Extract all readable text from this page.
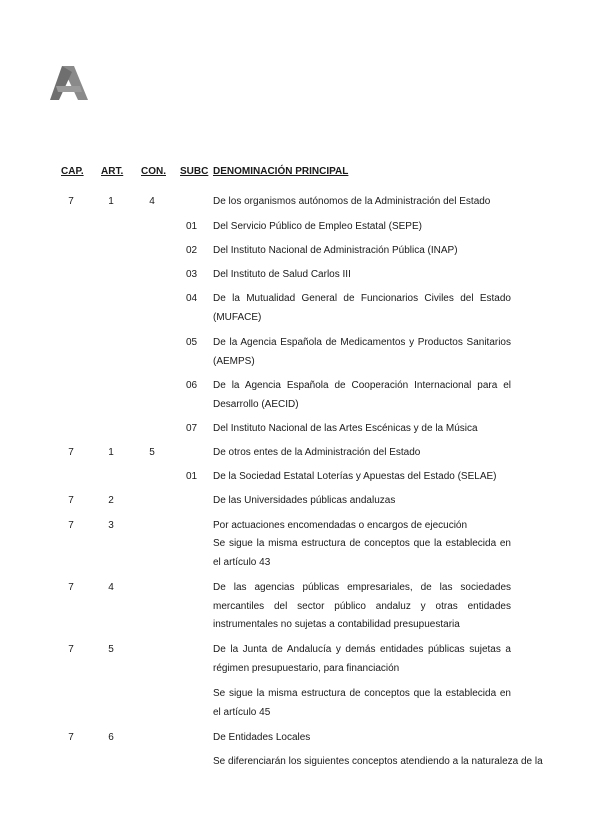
CAP. ART. CON. SUBC DENOMINACIÓN PRINCIPAL
7	1	4	De los organismos autónomos de la Administración del Estado
01 Del Servicio Público de Empleo Estatal (SEPE)
02 Del Instituto Nacional de Administración Pública (INAP)
03 Del Instituto de Salud Carlos III
04 De la Mutualidad General de Funcionarios Civiles del Estado (MUFACE)
05 De la Agencia Española de Medicamentos y Productos Sanitarios (AEMPS)
06 De la Agencia Española de Cooperación Internacional para el Desarrollo (AECID)
07 Del Instituto Nacional de las Artes Escénicas y de la Música
7	1	5	De otros entes de la Administración del Estado
01 De la Sociedad Estatal Loterías y Apuestas del Estado (SELAE)
7	2	De las Universidades públicas andaluzas
7	3	Por actuaciones encomendadas o encargos de ejecución
Se sigue la misma estructura de conceptos que la establecida en el artículo 43
7	4	De las agencias públicas empresariales, de las sociedades mercantiles del sector público andaluz y otras entidades instrumentales no sujetas a contabilidad presupuestaria
7	5	De la Junta de Andalucía y demás entidades públicas sujetas a régimen presupuestario, para financiación
Se sigue la misma estructura de conceptos que la establecida en el artículo 45
7	6	De Entidades Locales
Se diferenciarán los siguientes conceptos atendiendo a la naturaleza de la
